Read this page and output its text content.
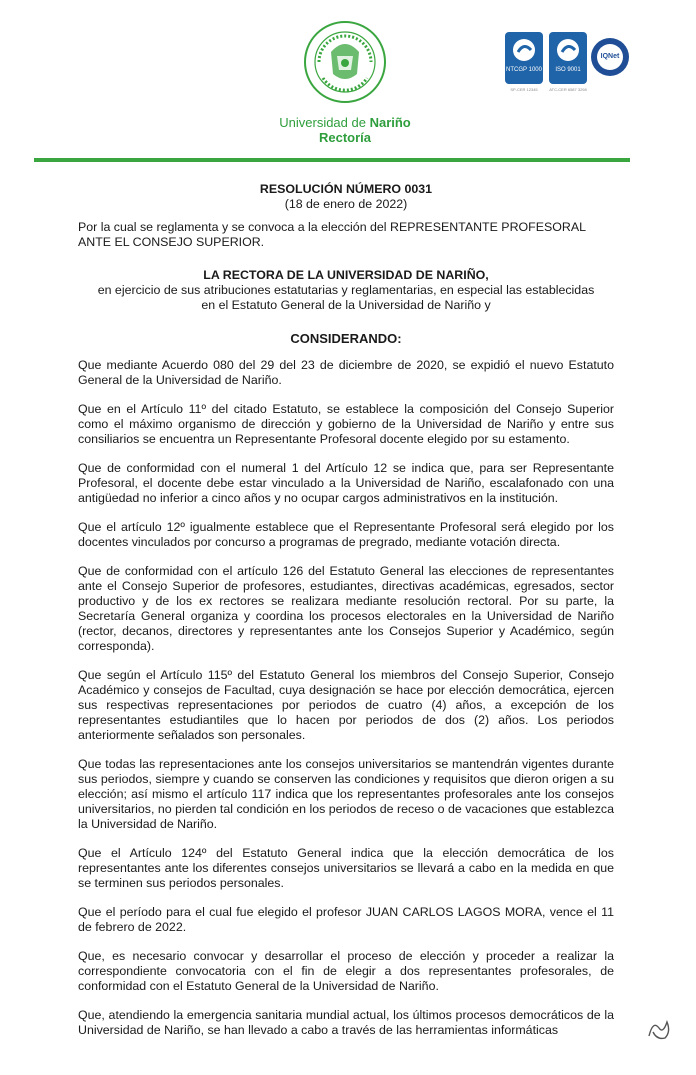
Universidad de Nariño
Rectoría
NTCGP 1000
SP-CER 12345
ISO 9001
ATC-CER 6587 3298
IQNet
RESOLUCIÓN NÚMERO 0031
(18 de enero de 2022)
Por la cual se reglamenta y se convoca a la elección del REPRESENTANTE PROFESORAL ANTE EL CONSEJO SUPERIOR.
LA RECTORA DE LA UNIVERSIDAD DE NARIÑO,
en ejercicio de sus atribuciones estatutarias y reglamentarias, en especial las establecidas
en el Estatuto General de la Universidad de Nariño y
CONSIDERANDO:

Que mediante Acuerdo 080 del 29 del 23 de diciembre de 2020, se expidió el nuevo Estatuto General de la Universidad de Nariño.

Que en el Artículo 11º del citado Estatuto, se establece la composición del Consejo Superior como el máximo organismo de dirección y gobierno de la Universidad de Nariño y entre sus consiliarios se encuentra un Representante Profesoral docente elegido por su estamento.

Que de conformidad con el numeral 1 del Artículo 12 se indica que, para ser Representante Profesoral, el docente debe estar vinculado a la Universidad de Nariño, escalafonado con una antigüedad no inferior a cinco años y no ocupar cargos administrativos en la institución.

Que el artículo 12º igualmente establece que el Representante Profesoral será elegido por los docentes vinculados por concurso a programas de pregrado, mediante votación directa.

Que de conformidad con el artículo 126 del Estatuto General las elecciones de representantes ante el Consejo Superior de profesores, estudiantes, directivas académicas, egresados, sector productivo y de los ex rectores se realizara mediante resolución rectoral. Por su parte, la Secretaría General organiza y coordina los procesos electorales en la Universidad de Nariño (rector, decanos, directores y representantes ante los Consejos Superior y Académico, según corresponda).

Que según el Artículo 115º del Estatuto General los miembros del Consejo Superior, Consejo Académico y consejos de Facultad, cuya designación se hace por elección democrática, ejercen sus respectivas representaciones por periodos de cuatro (4) años, a excepción de los representantes estudiantiles que lo hacen por periodos de dos (2) años. Los periodos anteriormente señalados son personales.

Que todas las representaciones ante los consejos universitarios se mantendrán vigentes durante sus periodos, siempre y cuando se conserven las condiciones y requisitos que dieron origen a su elección; así mismo el artículo 117 indica que los representantes profesorales ante los consejos universitarios, no pierden tal condición en los periodos de receso o de vacaciones que establezca la Universidad de Nariño.

Que el Artículo 124º del Estatuto General indica que la elección democrática de los representantes ante los diferentes consejos universitarios se llevará a cabo en la medida en que se terminen sus periodos personales.

Que el período para el cual fue elegido el profesor JUAN CARLOS LAGOS MORA, vence el 11 de febrero de 2022.

Que, es necesario convocar y desarrollar el proceso de elección y proceder a realizar la correspondiente convocatoria con el fin de elegir a dos representantes profesorales, de conformidad con el Estatuto General de la Universidad de Nariño.

Que, atendiendo la emergencia sanitaria mundial actual, los últimos procesos democráticos de la Universidad de Nariño, se han llevado a cabo a través de las herramientas informáticas
